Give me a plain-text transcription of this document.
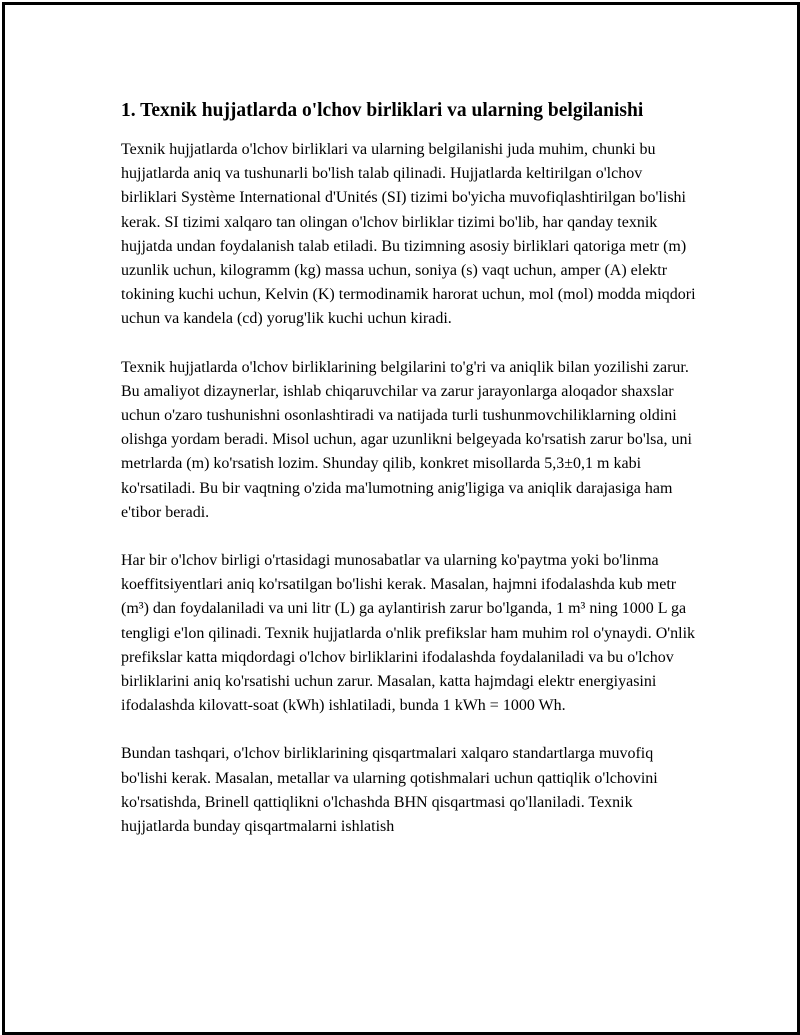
1. Texnik hujjatlarda o'lchov birliklari va ularning belgilanishi

Texnik hujjatlarda o'lchov birliklari va ularning belgilanishi juda muhim, chunki bu hujjatlarda aniq va tushunarli bo'lish talab qilinadi. Hujjatlarda keltirilgan o'lchov birliklari Système International d'Unités (SI) tizimi bo'yicha muvofiqlashtirilgan bo'lishi kerak. SI tizimi xalqaro tan olingan o'lchov birliklar tizimi bo'lib, har qanday texnik hujjatda undan foydalanish talab etiladi. Bu tizimning asosiy birliklari qatoriga metr (m) uzunlik uchun, kilogramm (kg) massa uchun, soniya (s) vaqt uchun, amper (A) elektr tokining kuchi uchun, Kelvin (K) termodinamik harorat uchun, mol (mol) modda miqdori uchun va kandela (cd) yorug'lik kuchi uchun kiradi.

Texnik hujjatlarda o'lchov birliklarining belgilarini to'g'ri va aniqlik bilan yozilishi zarur. Bu amaliyot dizaynerlar, ishlab chiqaruvchilar va zarur jarayonlarga aloqador shaxslar uchun o'zaro tushunishni osonlashtiradi va natijada turli tushunmovchiliklarning oldini olishga yordam beradi. Misol uchun, agar uzunlikni belgeyada ko'rsatish zarur bo'lsa, uni metrlarda (m) ko'rsatish lozim. Shunday qilib, konkret misollarda 5,3±0,1 m kabi ko'rsatiladi. Bu bir vaqtning o'zida ma'lumotning anig'ligiga va aniqlik darajasiga ham e'tibor beradi.

Har bir o'lchov birligi o'rtasidagi munosabatlar va ularning ko'paytma yoki bo'linma koeffitsiyentlari aniq ko'rsatilgan bo'lishi kerak. Masalan, hajmni ifodalashda kub metr (m³) dan foydalaniladi va uni litr (L) ga aylantirish zarur bo'lganda, 1 m³ ning 1000 L ga tengligi e'lon qilinadi. Texnik hujjatlarda o'nlik prefikslar ham muhim rol o'ynaydi. O'nlik prefikslar katta miqdordagi o'lchov birliklarini ifodalashda foydalaniladi va bu o'lchov birliklarini aniq ko'rsatishi uchun zarur. Masalan, katta hajmdagi elektr energiyasini ifodalashda kilovatt-soat (kWh) ishlatiladi, bunda 1 kWh = 1000 Wh.

Bundan tashqari, o'lchov birliklarining qisqartmalari xalqaro standartlarga muvofiq bo'lishi kerak. Masalan, metallar va ularning qotishmalari uchun qattiqlik o'lchovini ko'rsatishda, Brinell qattiqlikni o'lchashda BHN qisqartmasi qo'llaniladi. Texnik hujjatlarda bunday qisqartmalarni ishlatish
